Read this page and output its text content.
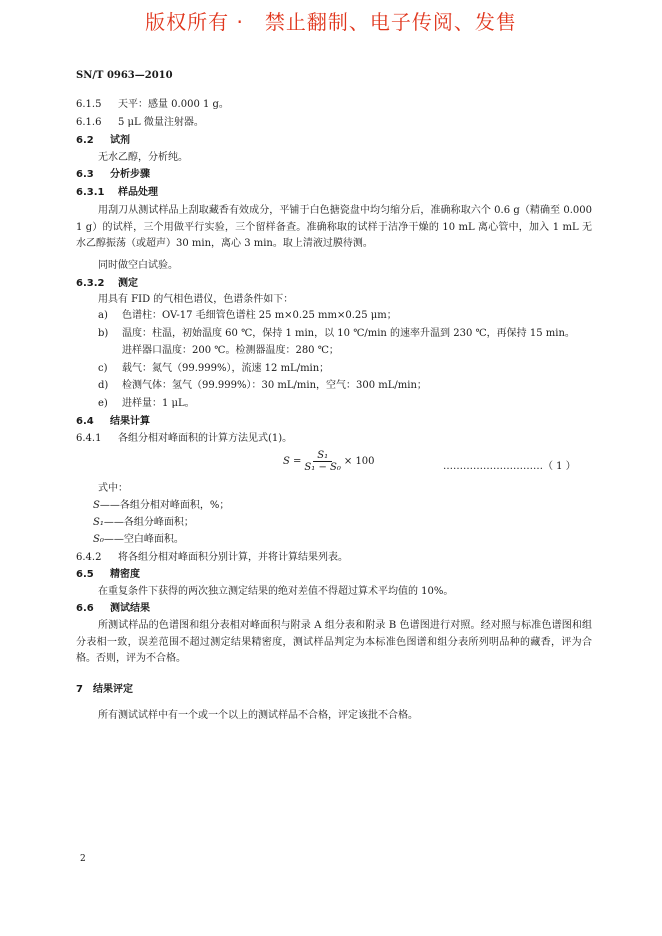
版权所有 ·　禁止翻制、电子传阅、发售
SN/T 0963—2010
6.1.5 天平：感量 0.000 1 g。
6.1.6 5 μL 微量注射器。
6.2 试剂
无水乙醇，分析纯。
6.3 分析步骤
6.3.1 样品处理
用刮刀从测试样品上刮取藏香有效成分，平铺于白色搪瓷盘中均匀缩分后，准确称取六个 0.6 g（精确至 0.000 1 g）的试样，三个用做平行实验，三个留样备查。准确称取的试样于洁净干燥的 10 mL 离心管中，加入 1 mL 无水乙醇振荡（或超声）30 min，离心 3 min。取上清液过膜待测。
同时做空白试验。
6.3.2 测定
用具有 FID 的气相色谱仪，色谱条件如下：
a) 色谱柱：OV-17 毛细管色谱柱 25 m×0.25 mm×0.25 μm；
b) 温度：柱温，初始温度 60 ℃，保持 1 min，以 10 ℃/min 的速率升温到 230 ℃，再保持 15 min。
进样器口温度：200 ℃。检测器温度：280 ℃；
c) 载气：氮气（99.999%），流速 12 mL/min；
d) 检测气体：氢气（99.999%）：30 mL/min，空气：300 mL/min；
e) 进样量：1 μL。
6.4 结果计算
6.4.1 各组分相对峰面积的计算方法见式(1)。
$S = \frac{\text{S₁}}{\text{S₁ − S₀}} \times 100$	…………………………（ 1 ）
式中：
S——各组分相对峰面积，%；
S₁——各组分峰面积；
S₀——空白峰面积。
6.4.2 将各组分相对峰面积分别计算，并将计算结果列表。
6.5 精密度
在重复条件下获得的两次独立测定结果的绝对差值不得超过算术平均值的 10%。
6.6 测试结果
所测试样品的色谱图和组分表相对峰面积与附录 A 组分表和附录 B 色谱图进行对照。经对照与标准色谱图和组分表相一致，误差范围不超过测定结果精密度，测试样品判定为本标准色图谱和组分表所列明品种的藏香，评为合格。否则，评为不合格。
7 结果评定
所有测试试样中有一个或一个以上的测试样品不合格，评定该批不合格。
2
